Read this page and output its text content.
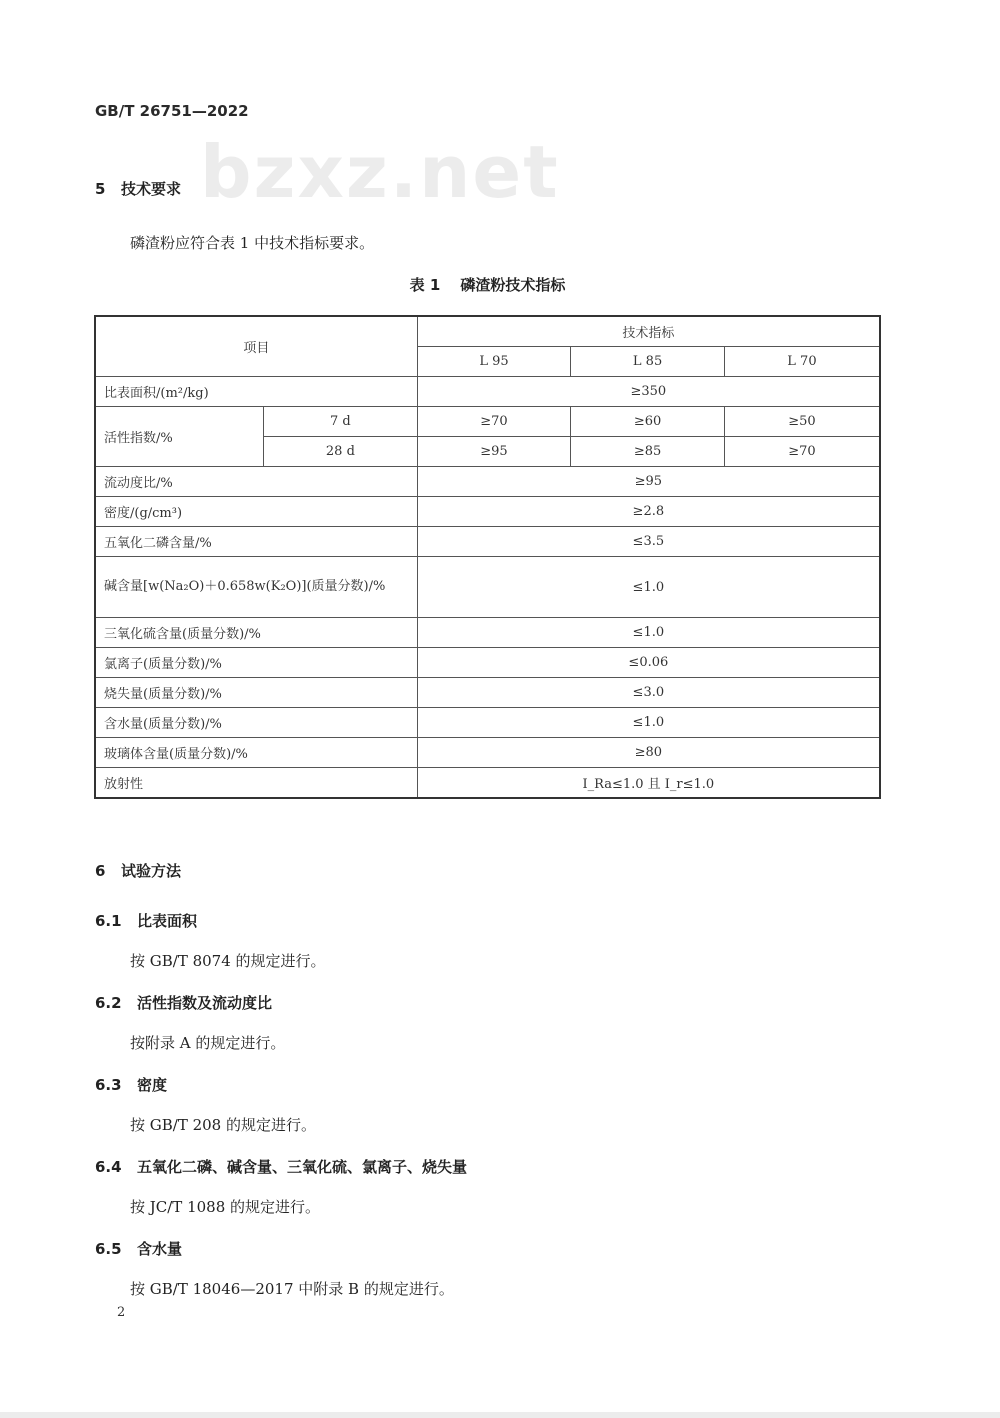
GB/T 26751—2022
bzxz.net
5 技术要求
磷渣粉应符合表 1 中技术指标要求。
表 1 磷渣粉技术指标
项目		技术指标		
		L 95	L 85	L 70
比表面积/(m²/kg)		≥350		
活性指数/%	7 d	≥70	≥60	≥50
	28 d	≥95	≥85	≥70
流动度比/%		≥95		
密度/(g/cm³)		≥2.8		
五氧化二磷含量/%		≤3.5		
碱含量[w(Na₂O)＋0.658w(K₂O)](质量分数)/%		≤1.0		
三氧化硫含量(质量分数)/%		≤1.0		
氯离子(质量分数)/%		≤0.06		
烧失量(质量分数)/%		≤3.0		
含水量(质量分数)/%		≤1.0		
玻璃体含量(质量分数)/%		≥80		
放射性		I_Ra≤1.0 且 I_r≤1.0		
6 试验方法
6.1 比表面积
按 GB/T 8074 的规定进行。
6.2 活性指数及流动度比
按附录 A 的规定进行。
6.3 密度
按 GB/T 208 的规定进行。
6.4 五氧化二磷、碱含量、三氧化硫、氯离子、烧失量
按 JC/T 1088 的规定进行。
6.5 含水量
按 GB/T 18046—2017 中附录 B 的规定进行。
2
